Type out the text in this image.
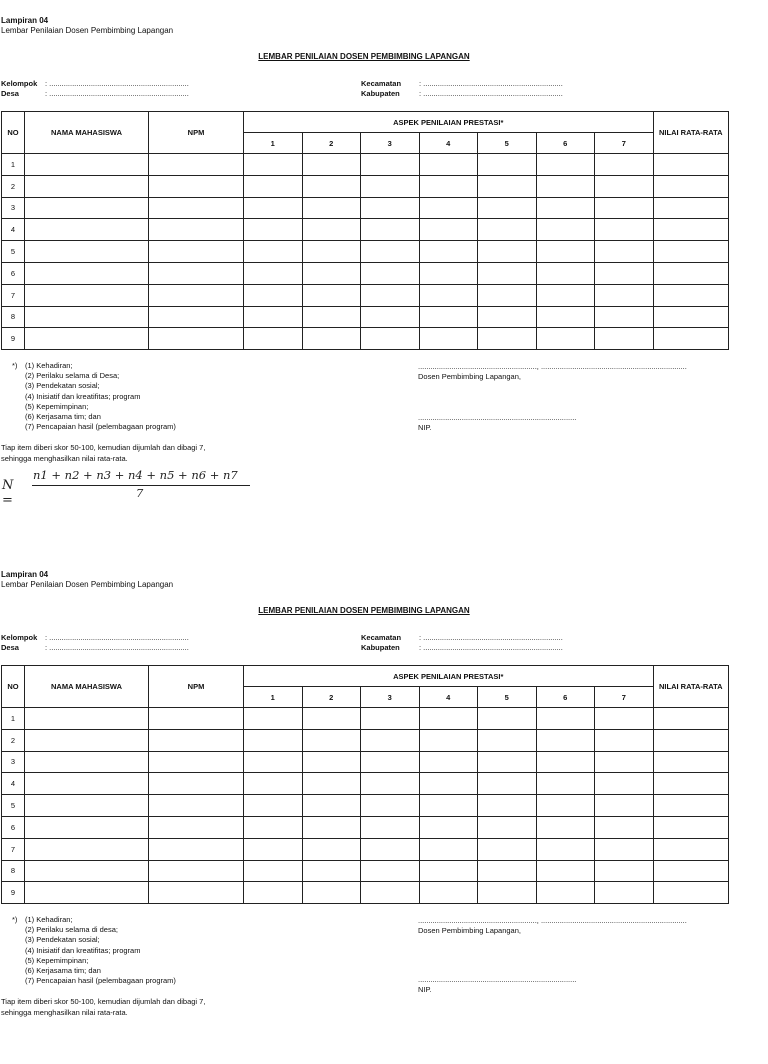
Lampiran 04
Lembar Penilaian Dosen Pembimbing Lapangan
LEMBAR PENILAIAN DOSEN PEMBIMBING LAPANGAN
Kelompok : ...................................................................
Desa	: ...................................................................
Kecamatan : ...................................................................
Kabupaten	: ...................................................................
NO	NAMA MAHASISWA	NPM	ASPEK PENILAIAN PRESTASI*							NILAI RATA-RATA
			1	2	3	4	5	6	7	
1										
2										
3										
4										
5										
6										
7										
8										
9										
*) (1) Kehadiran;
(2) Perilaku selama di Desa;
(3) Pendekatan sosial;
(4) Inisiatif dan kreatifitas; program
(5) Kepemimpinan;
(6) Kerjasama tim; dan
(7) Pencapaian hasil (pelembagaan program)
........................................................., ......................................................................
Dosen Pembimbing Lapangan,
............................................................................
NIP.
Tiap item diberi skor 50-100, kemudian dijumlah dan dibagi 7,
sehingga menghasilkan nilai rata-rata.
N =
n1 + n2 + n3 + n4 + n5 + n6 + n7
7
Lampiran 04
Lembar Penilaian Dosen Pembimbing Lapangan
LEMBAR PENILAIAN DOSEN PEMBIMBING LAPANGAN
Kelompok : ...................................................................
Desa	: ...................................................................
Kecamatan : ...................................................................
Kabupaten	: ...................................................................
NO	NAMA MAHASISWA	NPM	ASPEK PENILAIAN PRESTASI*							NILAI RATA-RATA
			1	2	3	4	5	6	7	
1										
2										
3										
4										
5										
6										
7										
8										
9										
*) (1) Kehadiran;
(2) Perilaku selama di desa;
(3) Pendekatan sosial;
(4) Inisiatif dan kreatifitas; program
(5) Kepemimpinan;
(6) Kerjasama tim; dan
(7) Pencapaian hasil (pelembagaan program)
........................................................., ......................................................................
Dosen Pembimbing Lapangan,
............................................................................
NIP.
Tiap item diberi skor 50-100, kemudian dijumlah dan dibagi 7,
sehingga menghasilkan nilai rata-rata.
